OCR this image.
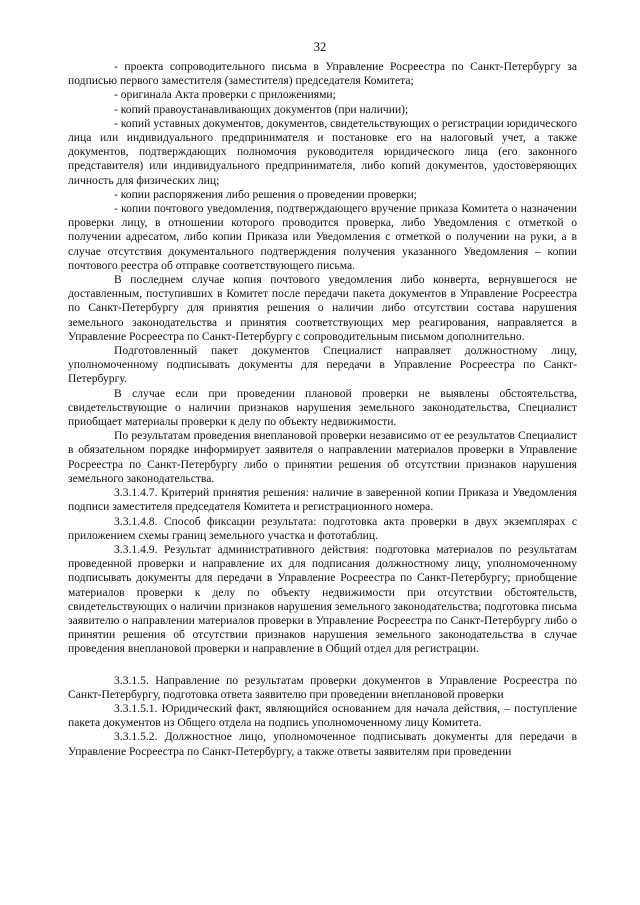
32

- проекта сопроводительного письма в Управление Росреестра по Санкт-Петербургу за подписью первого заместителя (заместителя) председателя Комитета;

- оригинала Акта проверки с приложениями;

- копий правоустанавливающих документов (при наличии);

- копий уставных документов, документов, свидетельствующих о регистрации юридического лица или индивидуального предпринимателя и постановке его на налоговый учет, а также документов, подтверждающих полномочия руководителя юридического лица (его законного представителя) или индивидуального предпринимателя, либо копий документов, удостоверяющих личность для физических лиц;

- копии распоряжения либо решения о проведении проверки;

- копии почтового уведомления, подтверждающего вручение приказа Комитета о назначении проверки лицу, в отношении которого проводится проверка, либо Уведомления с отметкой о получении адресатом, либо копии Приказа или Уведомления с отметкой о получении на руки, а в случае отсутствия документального подтверждения получения указанного Уведомления – копии почтового реестра об отправке соответствующего письма.

В последнем случае копия почтового уведомления либо конверта, вернувшегося не доставленным, поступивших в Комитет после передачи пакета документов в Управление Росреестра по Санкт-Петербургу для принятия решения о наличии либо отсутствии состава нарушения земельного законодательства и принятия соответствующих мер реагирования, направляется в Управление Росреестра по Санкт-Петербургу с сопроводительным письмом дополнительно.

Подготовленный пакет документов Специалист направляет должностному лицу, уполномоченному подписывать документы для передачи в Управление Росреестра по Санкт-Петербургу.

В случае если при проведении плановой проверки не выявлены обстоятельства, свидетельствующие о наличии признаков нарушения земельного законодательства, Специалист приобщает материалы проверки к делу по объекту недвижимости.

По результатам проведения внеплановой проверки независимо от ее результатов Специалист в обязательном порядке информирует заявителя о направлении материалов проверки в Управление Росреестра по Санкт-Петербургу либо о принятии решения об отсутствии признаков нарушения земельного законодательства.

3.3.1.4.7. Критерий принятия решения: наличие в заверенной копии Приказа и Уведомления подписи заместителя председателя Комитета и регистрационного номера.

3.3.1.4.8. Способ фиксации результата: подготовка акта проверки в двух экземплярах с приложением схемы границ земельного участка и фототаблиц.

3.3.1.4.9. Результат административного действия: подготовка материалов по результатам проведенной проверки и направление их для подписания должностному лицу, уполномоченному подписывать документы для передачи в Управление Росреестра по Санкт-Петербургу; приобщение материалов проверки к делу по объекту недвижимости при отсутствии обстоятельств, свидетельствующих о наличии признаков нарушения земельного законодательства; подготовка письма заявителю о направлении материалов проверки в Управление Росреестра по Санкт-Петербургу либо о принятии решения об отсутствии признаков нарушения земельного законодательства в случае проведения внеплановой проверки и направление в Общий отдел для регистрации.

3.3.1.5. Направление по результатам проверки документов в Управление Росреестра по Санкт-Петербургу, подготовка ответа заявителю при проведении внеплановой проверки

3.3.1.5.1. Юридический факт, являющийся основанием для начала действия, – поступление пакета документов из Общего отдела на подпись уполномоченному лицу Комитета.

3.3.1.5.2. Должностное лицо, уполномоченное подписывать документы для передачи в Управление Росреестра по Санкт-Петербургу, а также ответы заявителям при проведении
